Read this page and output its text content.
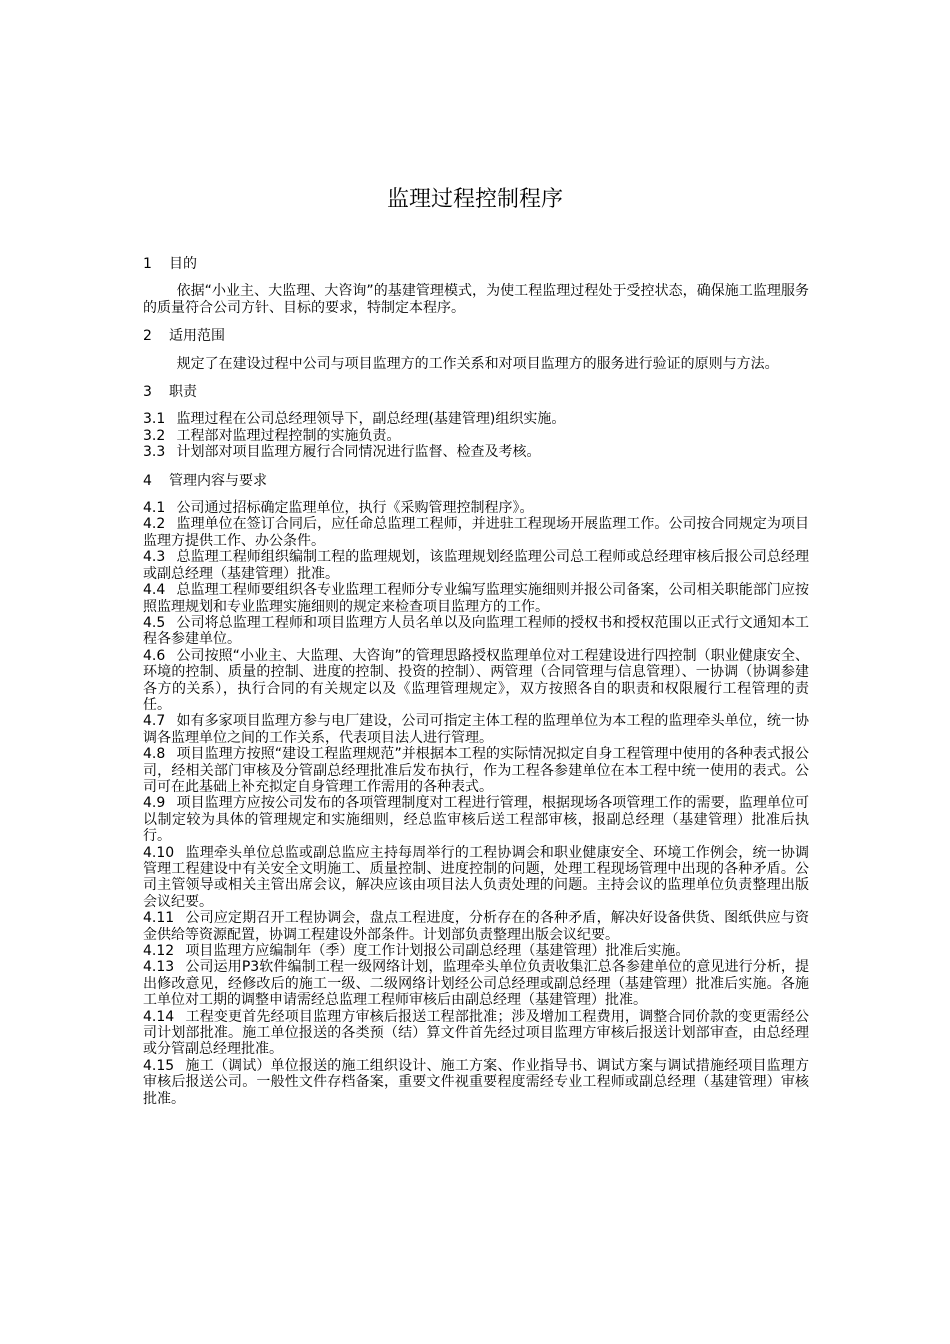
监理过程控制程序
1 目的

依据“小业主、大监理、大咨询”的基建管理模式，为使工程监理过程处于受控状态，确保施工监理服务的质量符合公司方针、目标的要求，特制定本程序。

2 适用范围

规定了在建设过程中公司与项目监理方的工作关系和对项目监理方的服务进行验证的原则与方法。

3 职责

3.1 监理过程在公司总经理领导下，副总经理(基建管理)组织实施。

3.2 工程部对监理过程控制的实施负责。

3.3 计划部对项目监理方履行合同情况进行监督、检查及考核。

4 管理内容与要求

4.1 公司通过招标确定监理单位，执行《采购管理控制程序》。

4.2 监理单位在签订合同后，应任命总监理工程师，并进驻工程现场开展监理工作。公司按合同规定为项目监理方提供工作、办公条件。

4.3 总监理工程师组织编制工程的监理规划，该监理规划经监理公司总工程师或总经理审核后报公司总经理或副总经理（基建管理）批准。

4.4 总监理工程师要组织各专业监理工程师分专业编写监理实施细则并报公司备案，公司相关职能部门应按照监理规划和专业监理实施细则的规定来检查项目监理方的工作。

4.5 公司将总监理工程师和项目监理方人员名单以及向监理工程师的授权书和授权范围以正式行文通知本工程各参建单位。

4.6 公司按照“小业主、大监理、大咨询”的管理思路授权监理单位对工程建设进行四控制（职业健康安全、环境的控制、质量的控制、进度的控制、投资的控制）、两管理（合同管理与信息管理）、一协调（协调参建各方的关系），执行合同的有关规定以及《监理管理规定》，双方按照各自的职责和权限履行工程管理的责任。

4.7 如有多家项目监理方参与电厂建设，公司可指定主体工程的监理单位为本工程的监理牵头单位，统一协调各监理单位之间的工作关系，代表项目法人进行管理。

4.8 项目监理方按照“建设工程监理规范”并根据本工程的实际情况拟定自身工程管理中使用的各种表式报公司，经相关部门审核及分管副总经理批准后发布执行，作为工程各参建单位在本工程中统一使用的表式。公司可在此基础上补充拟定自身管理工作需用的各种表式。

4.9 项目监理方应按公司发布的各项管理制度对工程进行管理，根据现场各项管理工作的需要，监理单位可以制定较为具体的管理规定和实施细则，经总监审核后送工程部审核，报副总经理（基建管理）批准后执行。

4.10 监理牵头单位总监或副总监应主持每周举行的工程协调会和职业健康安全、环境工作例会，统一协调管理工程建设中有关安全文明施工、质量控制、进度控制的问题，处理工程现场管理中出现的各种矛盾。公司主管领导或相关主管出席会议，解决应该由项目法人负责处理的问题。主持会议的监理单位负责整理出版会议纪要。

4.11 公司应定期召开工程协调会，盘点工程进度，分析存在的各种矛盾，解决好设备供货、图纸供应与资金供给等资源配置，协调工程建设外部条件。计划部负责整理出版会议纪要。

4.12 项目监理方应编制年（季）度工作计划报公司副总经理（基建管理）批准后实施。

4.13 公司运用P3软件编制工程一级网络计划，监理牵头单位负责收集汇总各参建单位的意见进行分析，提出修改意见，经修改后的施工一级、二级网络计划经公司总经理或副总经理（基建管理）批准后实施。各施工单位对工期的调整申请需经总监理工程师审核后由副总经理（基建管理）批准。

4.14 工程变更首先经项目监理方审核后报送工程部批准；涉及增加工程费用，调整合同价款的变更需经公司计划部批准。施工单位报送的各类预（结）算文件首先经过项目监理方审核后报送计划部审查，由总经理或分管副总经理批准。

4.15 施工（调试）单位报送的施工组织设计、施工方案、作业指导书、调试方案与调试措施经项目监理方审核后报送公司。一般性文件存档备案，重要文件视重要程度需经专业工程师或副总经理（基建管理）审核批准。
